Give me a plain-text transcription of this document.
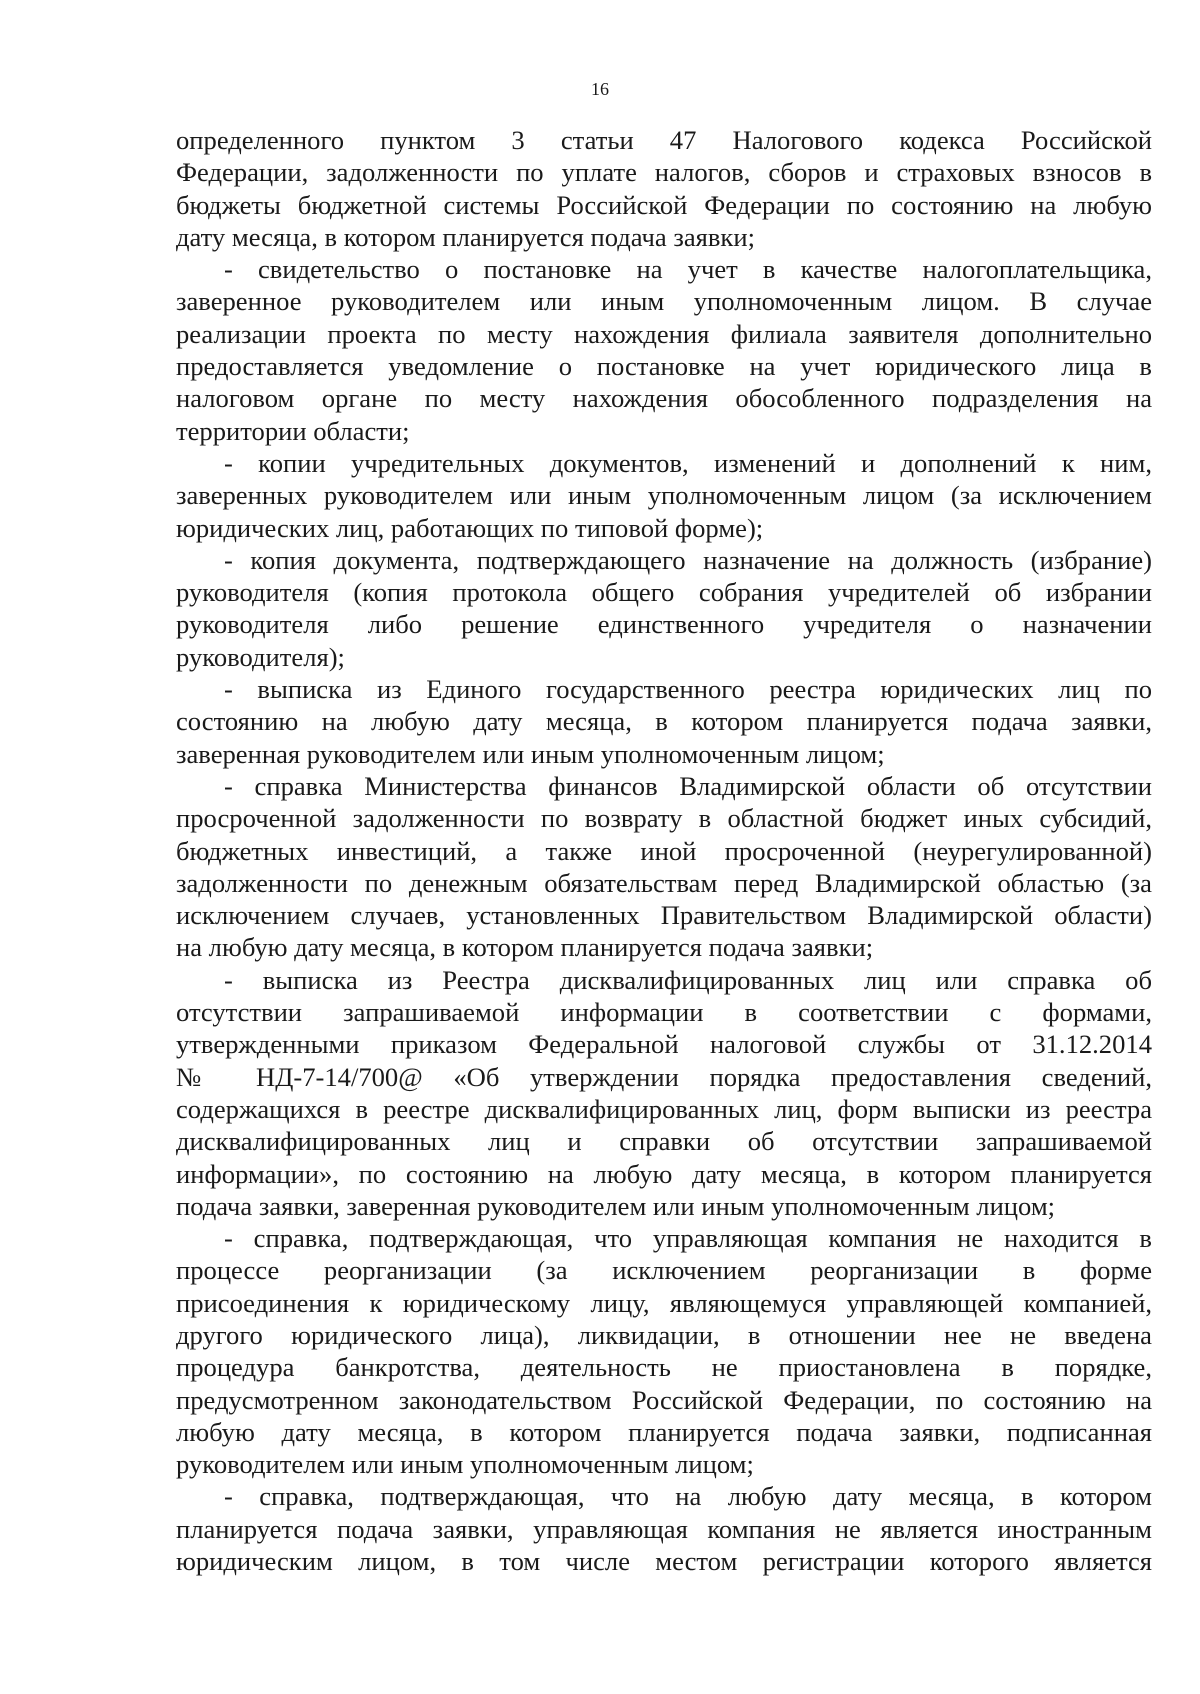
16
определенного пунктом 3 статьи 47 Налогового кодекса Российской
Федерации, задолженности по уплате налогов, сборов и страховых взносов в
бюджеты бюджетной системы Российской Федерации по состоянию на любую
дату месяца, в котором планируется подача заявки;
- свидетельство о постановке на учет в качестве налогоплательщика,
заверенное руководителем или иным уполномоченным лицом. В случае
реализации проекта по месту нахождения филиала заявителя дополнительно
предоставляется уведомление о постановке на учет юридического лица в
налоговом органе по месту нахождения обособленного подразделения на
территории области;
- копии учредительных документов, изменений и дополнений к ним,
заверенных руководителем или иным уполномоченным лицом (за исключением
юридических лиц, работающих по типовой форме);
- копия документа, подтверждающего назначение на должность (избрание)
руководителя (копия протокола общего собрания учредителей об избрании
руководителя либо решение единственного учредителя о назначении
руководителя);
- выписка из Единого государственного реестра юридических лиц по
состоянию на любую дату месяца, в котором планируется подача заявки,
заверенная руководителем или иным уполномоченным лицом;
- справка Министерства финансов Владимирской области об отсутствии
просроченной задолженности по возврату в областной бюджет иных субсидий,
бюджетных инвестиций, а также иной просроченной (неурегулированной)
задолженности по денежным обязательствам перед Владимирской областью (за
исключением случаев, установленных Правительством Владимирской области)
на любую дату месяца, в котором планируется подача заявки;
- выписка из Реестра дисквалифицированных лиц или справка об
отсутствии запрашиваемой информации в соответствии с формами,
утвержденными приказом Федеральной налоговой службы от 31.12.2014
№ НД-7-14/700@ «Об утверждении порядка предоставления сведений,
содержащихся в реестре дисквалифицированных лиц, форм выписки из реестра
дисквалифицированных лиц и справки об отсутствии запрашиваемой
информации», по состоянию на любую дату месяца, в котором планируется
подача заявки, заверенная руководителем или иным уполномоченным лицом;
- справка, подтверждающая, что управляющая компания не находится в
процессе реорганизации (за исключением реорганизации в форме
присоединения к юридическому лицу, являющемуся управляющей компанией,
другого юридического лица), ликвидации, в отношении нее не введена
процедура банкротства, деятельность не приостановлена в порядке,
предусмотренном законодательством Российской Федерации, по состоянию на
любую дату месяца, в котором планируется подача заявки, подписанная
руководителем или иным уполномоченным лицом;
- справка, подтверждающая, что на любую дату месяца, в котором
планируется подача заявки, управляющая компания не является иностранным
юридическим лицом, в том числе местом регистрации которого является
